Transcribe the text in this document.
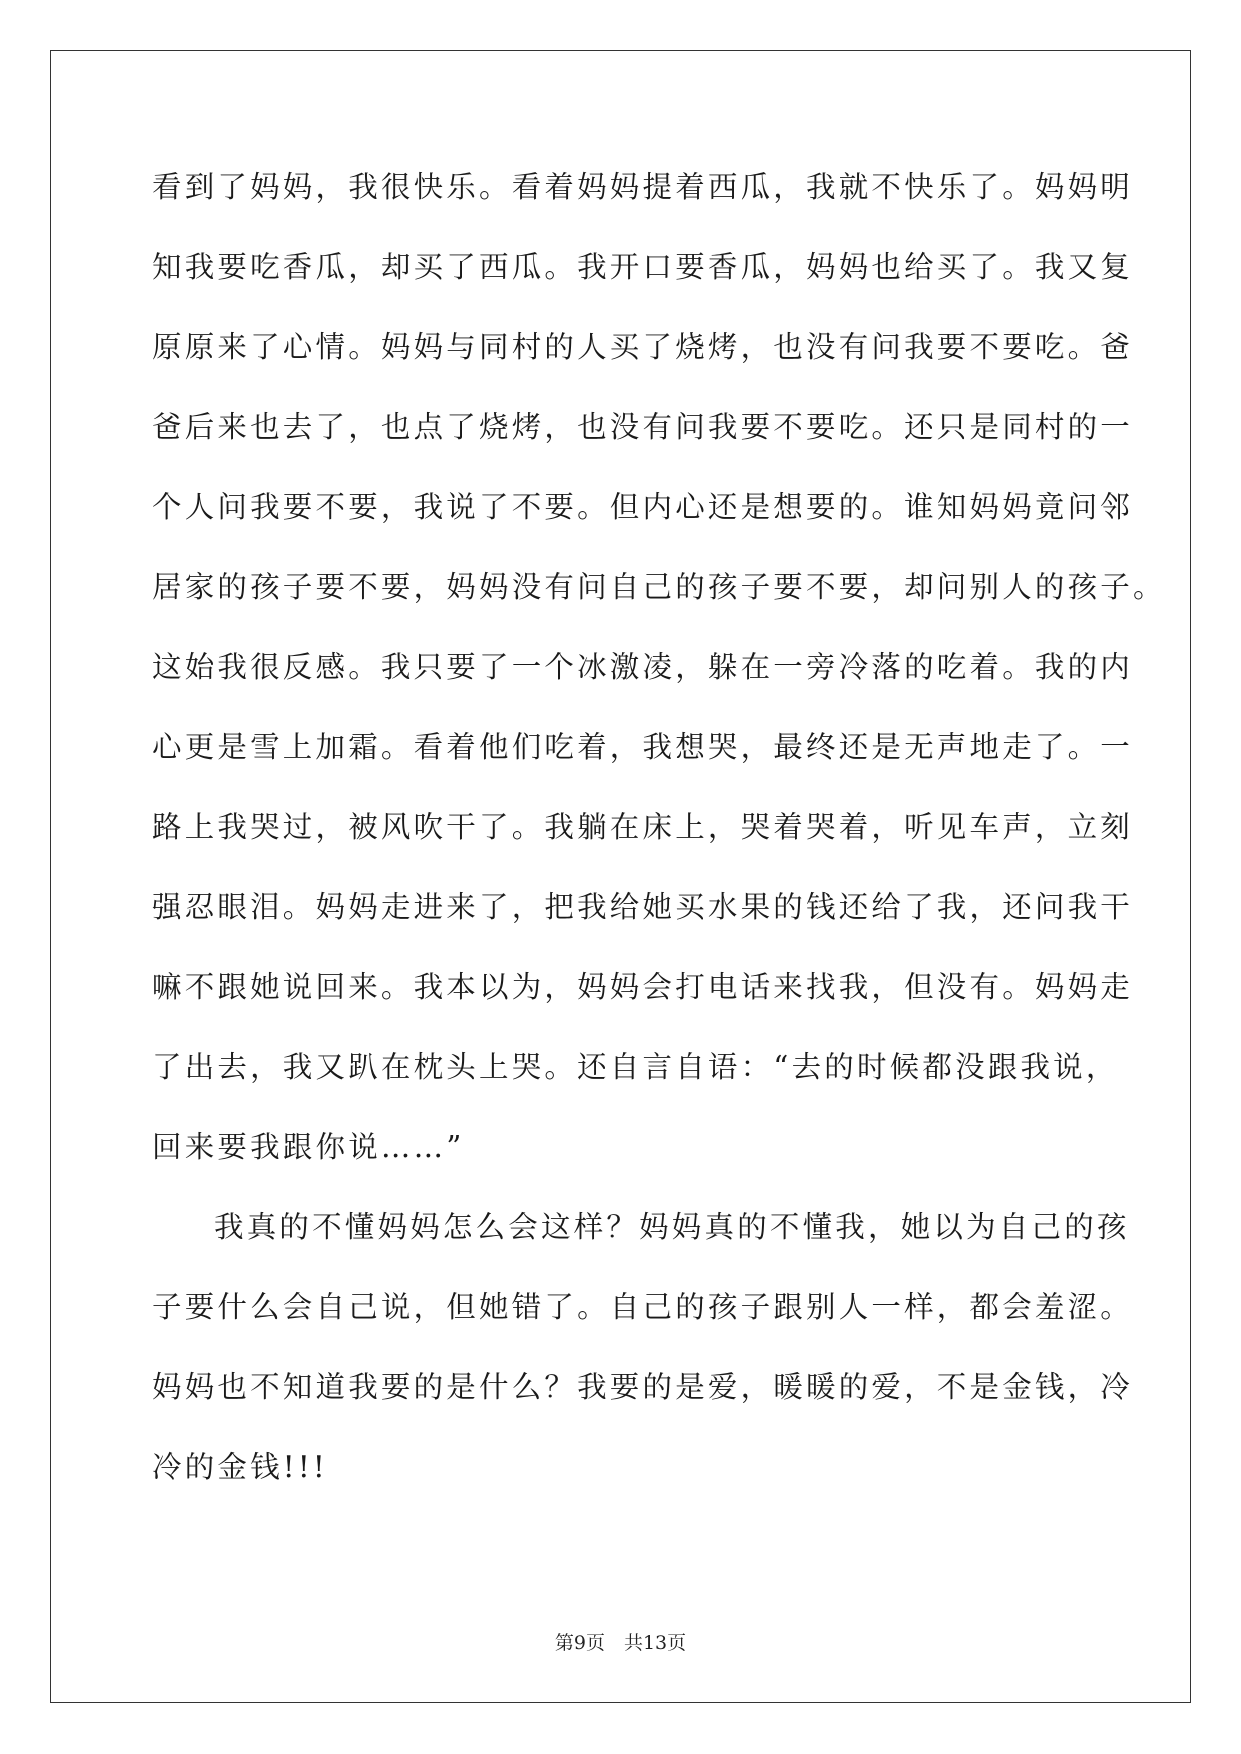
看到了妈妈，我很快乐。看着妈妈提着西瓜，我就不快乐了。妈妈明
知我要吃香瓜，却买了西瓜。我开口要香瓜，妈妈也给买了。我又复
原原来了心情。妈妈与同村的人买了烧烤，也没有问我要不要吃。爸
爸后来也去了，也点了烧烤，也没有问我要不要吃。还只是同村的一
个人问我要不要，我说了不要。但内心还是想要的。谁知妈妈竟问邻
居家的孩子要不要，妈妈没有问自己的孩子要不要，却问别人的孩子。
这始我很反感。我只要了一个冰激凌，躲在一旁冷落的吃着。我的内
心更是雪上加霜。看着他们吃着，我想哭，最终还是无声地走了。一
路上我哭过，被风吹干了。我躺在床上，哭着哭着，听见车声，立刻
强忍眼泪。妈妈走进来了，把我给她买水果的钱还给了我，还问我干
嘛不跟她说回来。我本以为，妈妈会打电话来找我，但没有。妈妈走
了出去，我又趴在枕头上哭。还自言自语：“去的时候都没跟我说，
回来要我跟你说……”
我真的不懂妈妈怎么会这样？妈妈真的不懂我，她以为自己的孩
子要什么会自己说，但她错了。自己的孩子跟别人一样，都会羞涩。
妈妈也不知道我要的是什么？我要的是爱，暖暖的爱，不是金钱，冷
冷的金钱!!!
第9页　共13页
